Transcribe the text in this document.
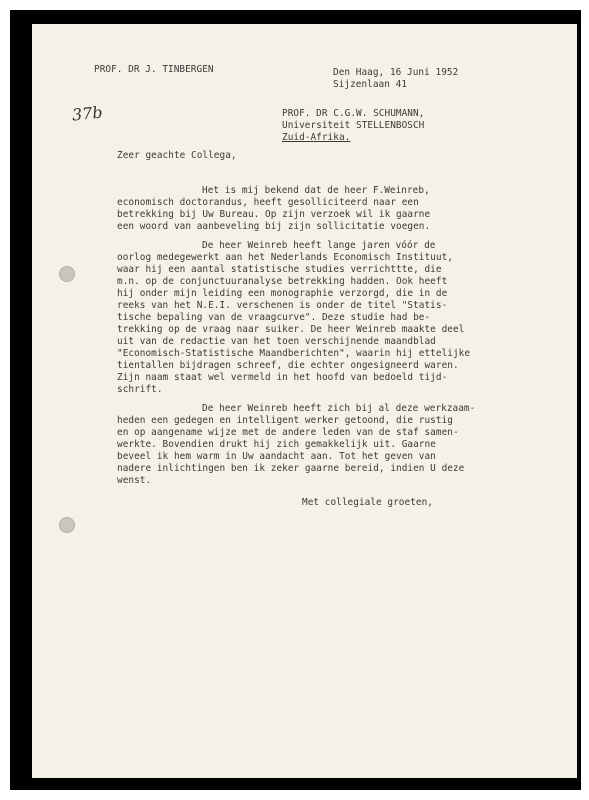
PROF. DR J. TINBERGEN	Den Haag, 16 Juni 1952

Sijzenlaan 41

37b	PROF. DR C.G.W. SCHUMANN,

Universiteit STELLENBOSCH

Zuid-Afrika.

Zeer geachte Collega,

Het is mij bekend dat de heer F.Weinreb,

economisch doctorandus, heeft gesolliciteerd naar een

betrekking bij Uw Bureau. Op zijn verzoek wil ik gaarne

een woord van aanbeveling bij zijn sollicitatie voegen.

De heer Weinreb heeft lange jaren vóór de

oorlog medegewerkt aan het Nederlands Economisch Instituut,

waar hij een aantal statistische studies verrichttte, die

m.n. op de conjunctuuranalyse betrekking hadden. Ook heeft

hij onder mijn leiding een monographie verzorgd, die in de

reeks van het N.E.I. verschenen is onder de titel "Statis-

tische bepaling van de vraagcurve". Deze studie had be-

trekking op de vraag naar suiker. De heer Weinreb maakte deel

uit van de redactie van het toen verschijnende maandblad

"Economisch-Statistische Maandberichten", waarin hij ettelijke

tientallen bijdragen schreef, die echter ongesigneerd waren.

Zijn naam staat wel vermeld in het hoofd van bedoeld tijd-

schrift.

De heer Weinreb heeft zich bij al deze werkzaam-

heden een gedegen en intelligent werker getoond, die rustig

en op aangename wijze met de andere leden van de staf samen-

werkte. Bovendien drukt hij zich gemakkelijk uit. Gaarne

beveel ik hem warm in Uw aandacht aan. Tot het geven van

nadere inlichtingen ben ik zeker gaarne bereid, indien U deze

wenst.

Met collegiale groeten,
